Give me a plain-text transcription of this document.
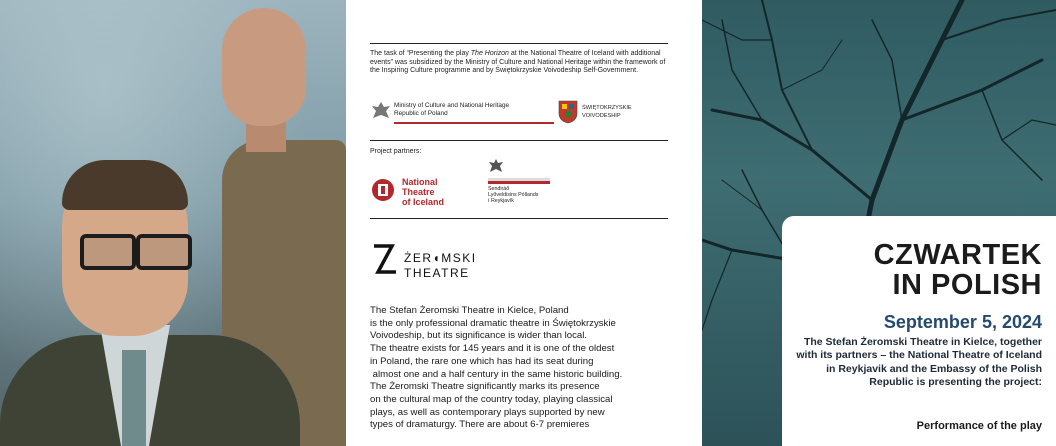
The task of “Presenting the play The Horizon at the National Theatre of Iceland with additional events” was subsidized by the Ministry of Culture and National Heritage within the framework of the Inspiring Culture programme and by Świętokrzyskie Voivodeship Self-Government.
Ministry of Culture and National Heritage
Republic of Poland
ŚWIĘTOKRZYSKIE
VOIVODESHIP
Project partners:
National
Theatre
of Iceland
Sendiráð
Lyðveldisins Póllands
í Reykjavík
ŻER◖MSKI
THEATRE

The Stefan Żeromski Theatre in Kielce, Poland

is the only professional dramatic theatre in Świętokrzyskie

Voivodeship, but its significance is wider than local.

The theatre exists for 145 years and it is one of the oldest

in Poland, the rare one which has had its seat during

almost one and a half century in the same historic building.

The Żeromski Theatre significantly marks its presence

on the cultural map of the country today, playing classical

plays, as well as contemporary plays supported by new

types of dramaturgy. There are about 6-7 premieres

CZWARTEK
IN POLISH
September 5, 2024
The Stefan Żeromski Theatre in Kielce, together with its partners – the National Theatre of Iceland in Reykjavik and the Embassy of the Polish Republic is presenting the project:
Performance of the play
